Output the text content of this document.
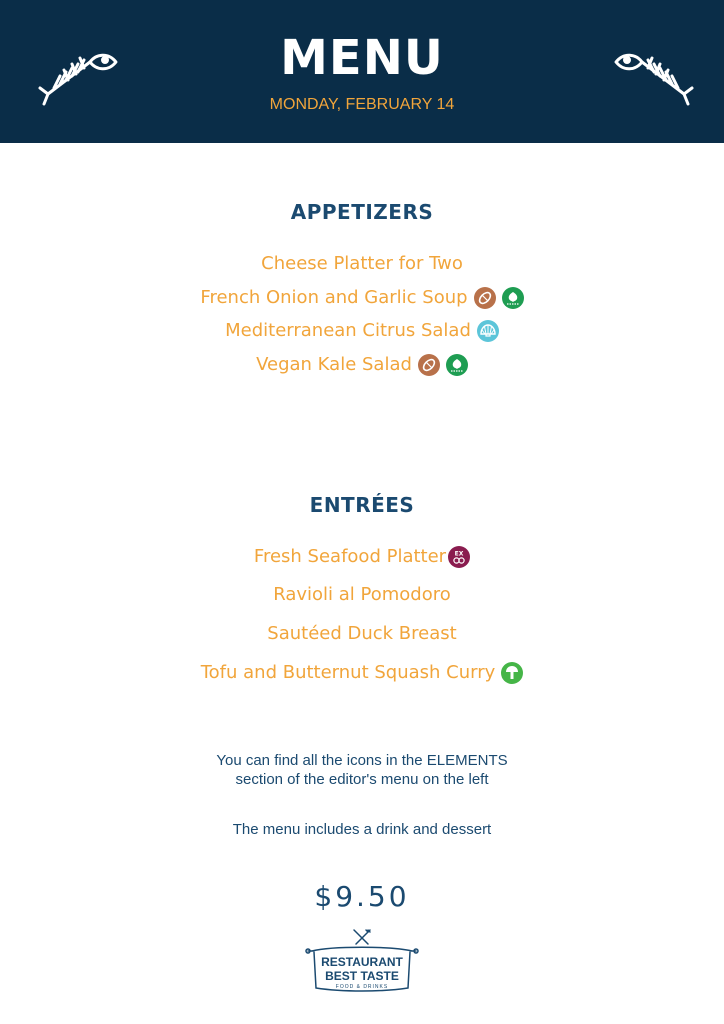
MENU
MONDAY, FEBRUARY 14
APPETIZERS
Cheese Platter for Two
French Onion and Garlic Soup
Mediterranean Citrus Salad
Vegan Kale Salad
ENTRÉES
Fresh Seafood Platter EX
Ravioli al Pomodoro
Sautéed Duck Breast
Tofu and Butternut Squash Curry
You can find all the icons in the ELEMENTS
section of the editor's menu on the left
The menu includes a drink and dessert
$9.50
RESTAURANT
BEST TASTE
FOOD & DRINKS
